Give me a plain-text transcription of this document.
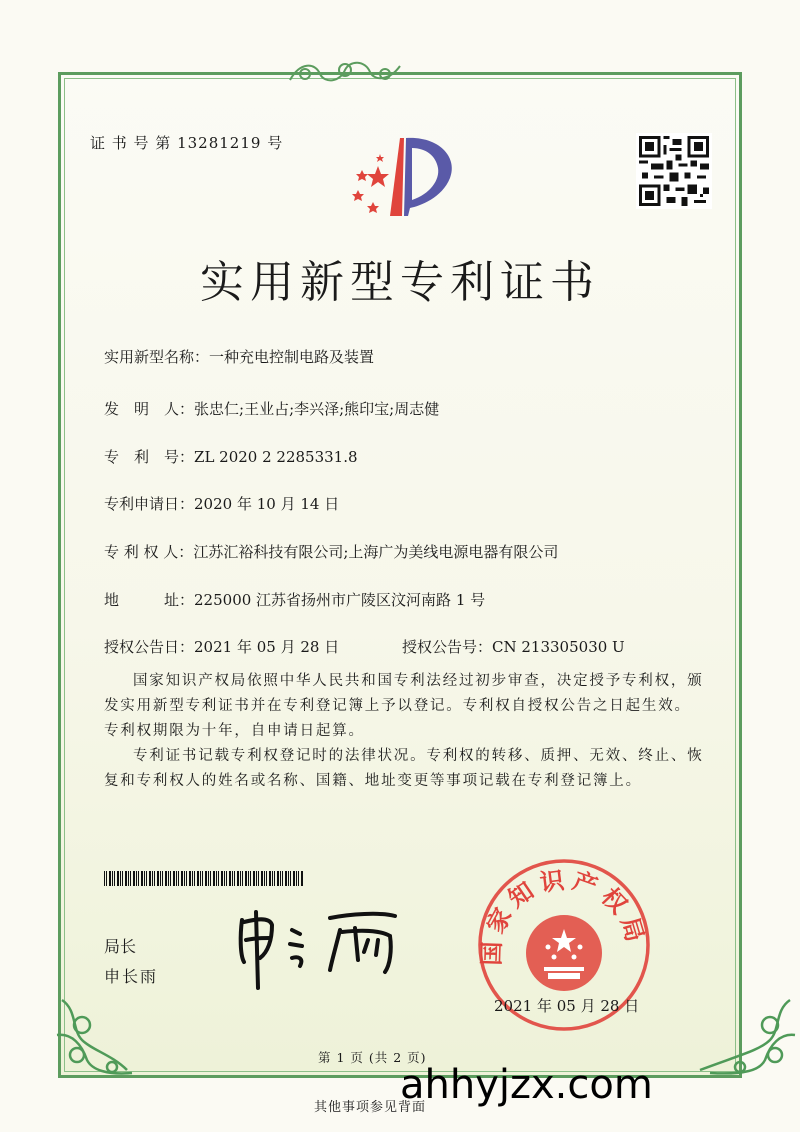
证 书 号 第 13281219 号
实用新型专利证书
实用新型名称：一种充电控制电路及装置
发　明　人：张忠仁;王业占;李兴泽;熊印宝;周志健
专　利　号：ZL 2020 2 2285331.8
专利申请日：2020 年 10 月 14 日
专 利 权 人：江苏汇裕科技有限公司;上海广为美线电源电器有限公司
地　　　址：225000 江苏省扬州市广陵区汶河南路 1 号
授权公告日：2021 年 05 月 28 日	授权公告号：CN 213305030 U

国家知识产权局依照中华人民共和国专利法经过初步审查，决定授予专利权，颁发实用新型专利证书并在专利登记簿上予以登记。专利权自授权公告之日起生效。专利权期限为十年，自申请日起算。

专利证书记载专利权登记时的法律状况。专利权的转移、质押、无效、终止、恢复和专利权人的姓名或名称、国籍、地址变更等事项记载在专利登记簿上。

局长
申长雨
国家知识产权局
2021 年 05 月 28 日
第 1 页 (共 2 页)
其他事项参见背面
ahhyjzx.com
